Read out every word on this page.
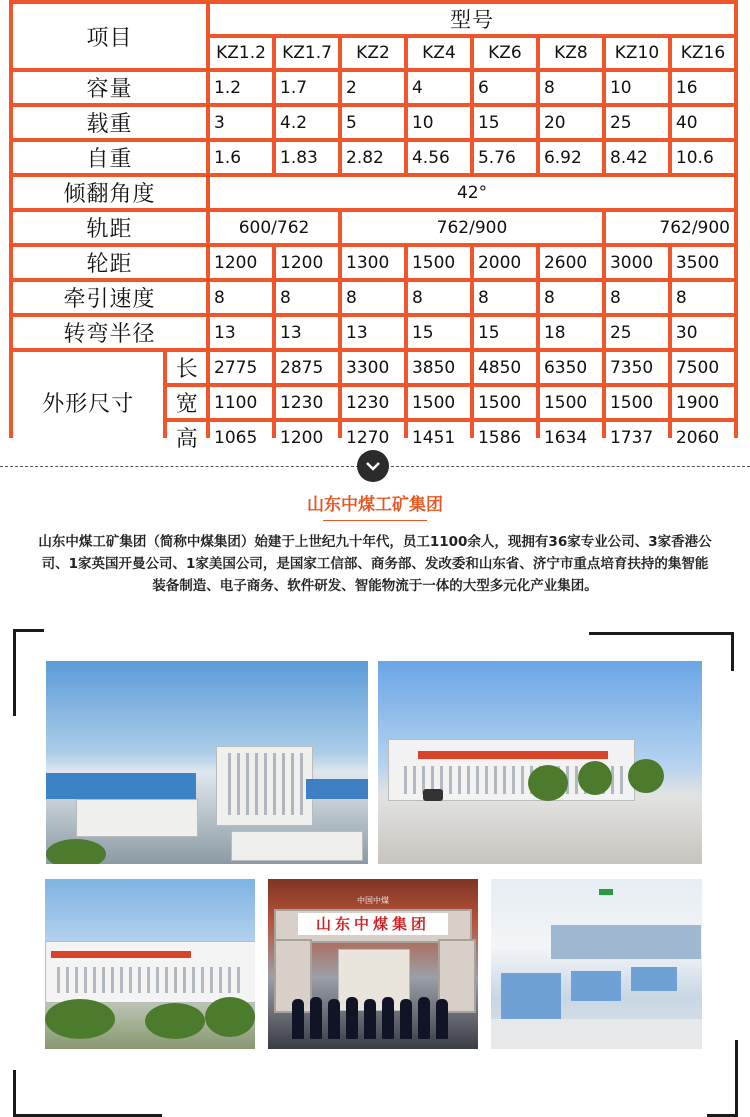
项目		型号							
		KZ1.2	KZ1.7	KZ2	KZ4	KZ6	KZ8	KZ10	KZ16
容量		1.2	1.7	2	4	6	8	10	16
载重		3	4.2	5	10	15	20	25	40
自重		1.6	1.83	2.82	4.56	5.76	6.92	8.42	10.6
倾翻角度		42°							
轨距		600/762		762/900				762/900	
轮距		1200	1200	1300	1500	2000	2600	3000	3500
牵引速度		8	8	8	8	8	8	8	8
转弯半径		13	13	13	15	15	18	25	30
外形尺寸	长	2775	2875	3300	3850	4850	6350	7350	7500
	宽	1100	1230	1230	1500	1500	1500	1500	1900
	高	1065	1200	1270	1451	1586	1634	1737	2060
山东中煤工矿集团
山东中煤工矿集团（简称中煤集团）始建于上世纪九十年代，员工1100余人，现拥有36家专业公司、3家香港公司、1家英国开曼公司、1家美国公司，是国家工信部、商务部、发改委和山东省、济宁市重点培育扶持的集智能装备制造、电子商务、软件研发、智能物流于一体的大型多元化产业集团。
山东中煤集团
中国中煤
